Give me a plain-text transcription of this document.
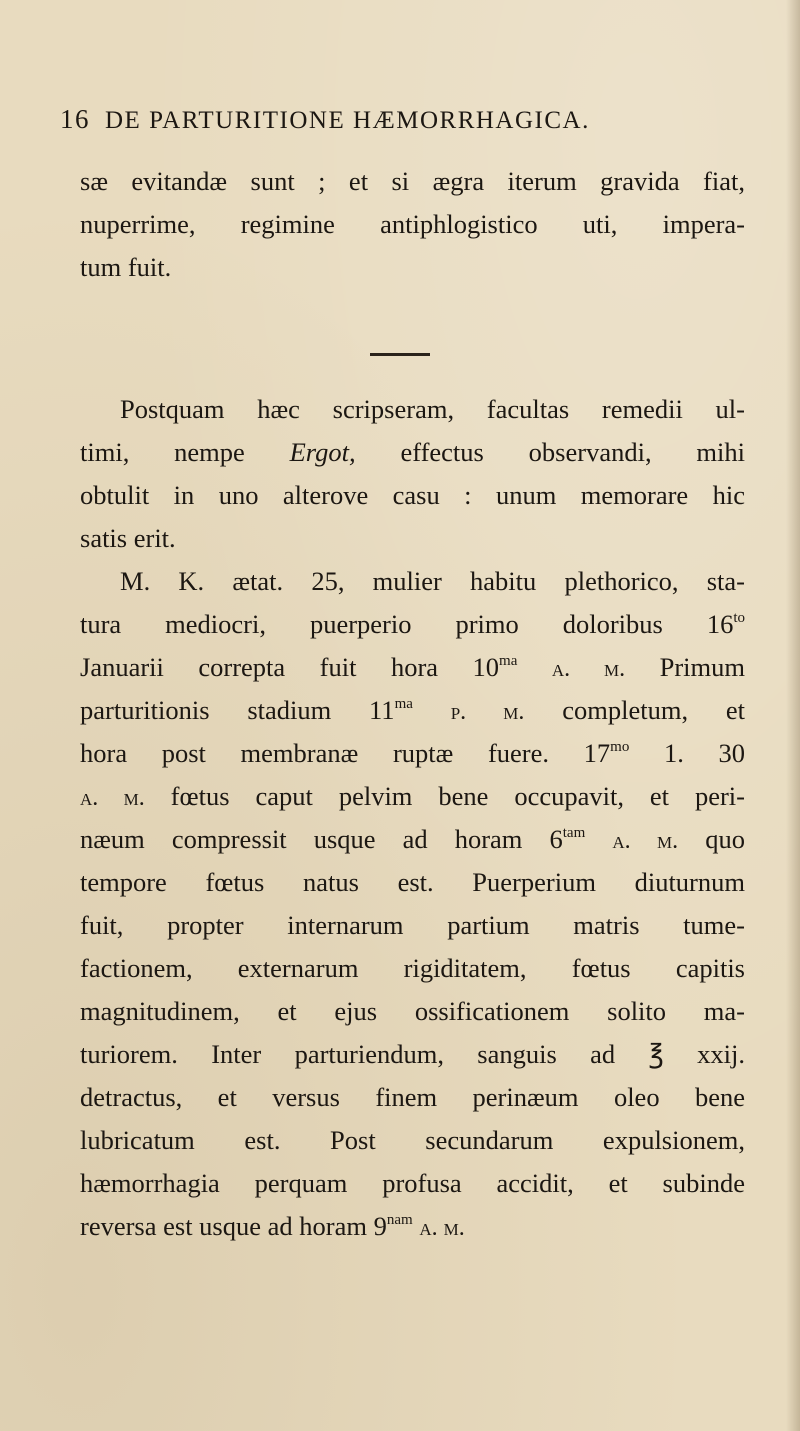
16 DE PARTURITIONE HÆMORRHAGICA.
sæ evitandæ sunt ; et si ægra iterum gravida fiat,
nuperrime, regimine antiphlogistico uti, impera-
tum fuit.
Postquam hæc scripseram, facultas remedii ul-
timi, nempe Ergot, effectus observandi, mihi
obtulit in uno alterove casu : unum memorare hic
satis erit.
M. K. ætat. 25, mulier habitu plethorico, sta-
tura mediocri, puerperio primo doloribus $16^{to}$
Januarii correpta fuit hora $10^{ma}$ a. m. Primum
parturitionis stadium $11^{ma}$ p. m. completum, et
hora post membranæ ruptæ fuere. $17^{mo}$ 1. 30
a. m. fœtus caput pelvim bene occupavit, et peri-
næum compressit usque ad horam $6^{tam}$ a. m. quo
tempore fœtus natus est. Puerperium diuturnum
fuit, propter internarum partium matris tume-
factionem, externarum rigiditatem, fœtus capitis
magnitudinem, et ejus ossificationem solito ma-
turiorem. Inter parturiendum, sanguis ad ℥ xxij.
detractus, et versus finem perinæum oleo bene
lubricatum est. Post secundarum expulsionem,
hæmorrhagia perquam profusa accidit, et subinde
reversa est usque ad horam $9^{nam}$ a. m.
